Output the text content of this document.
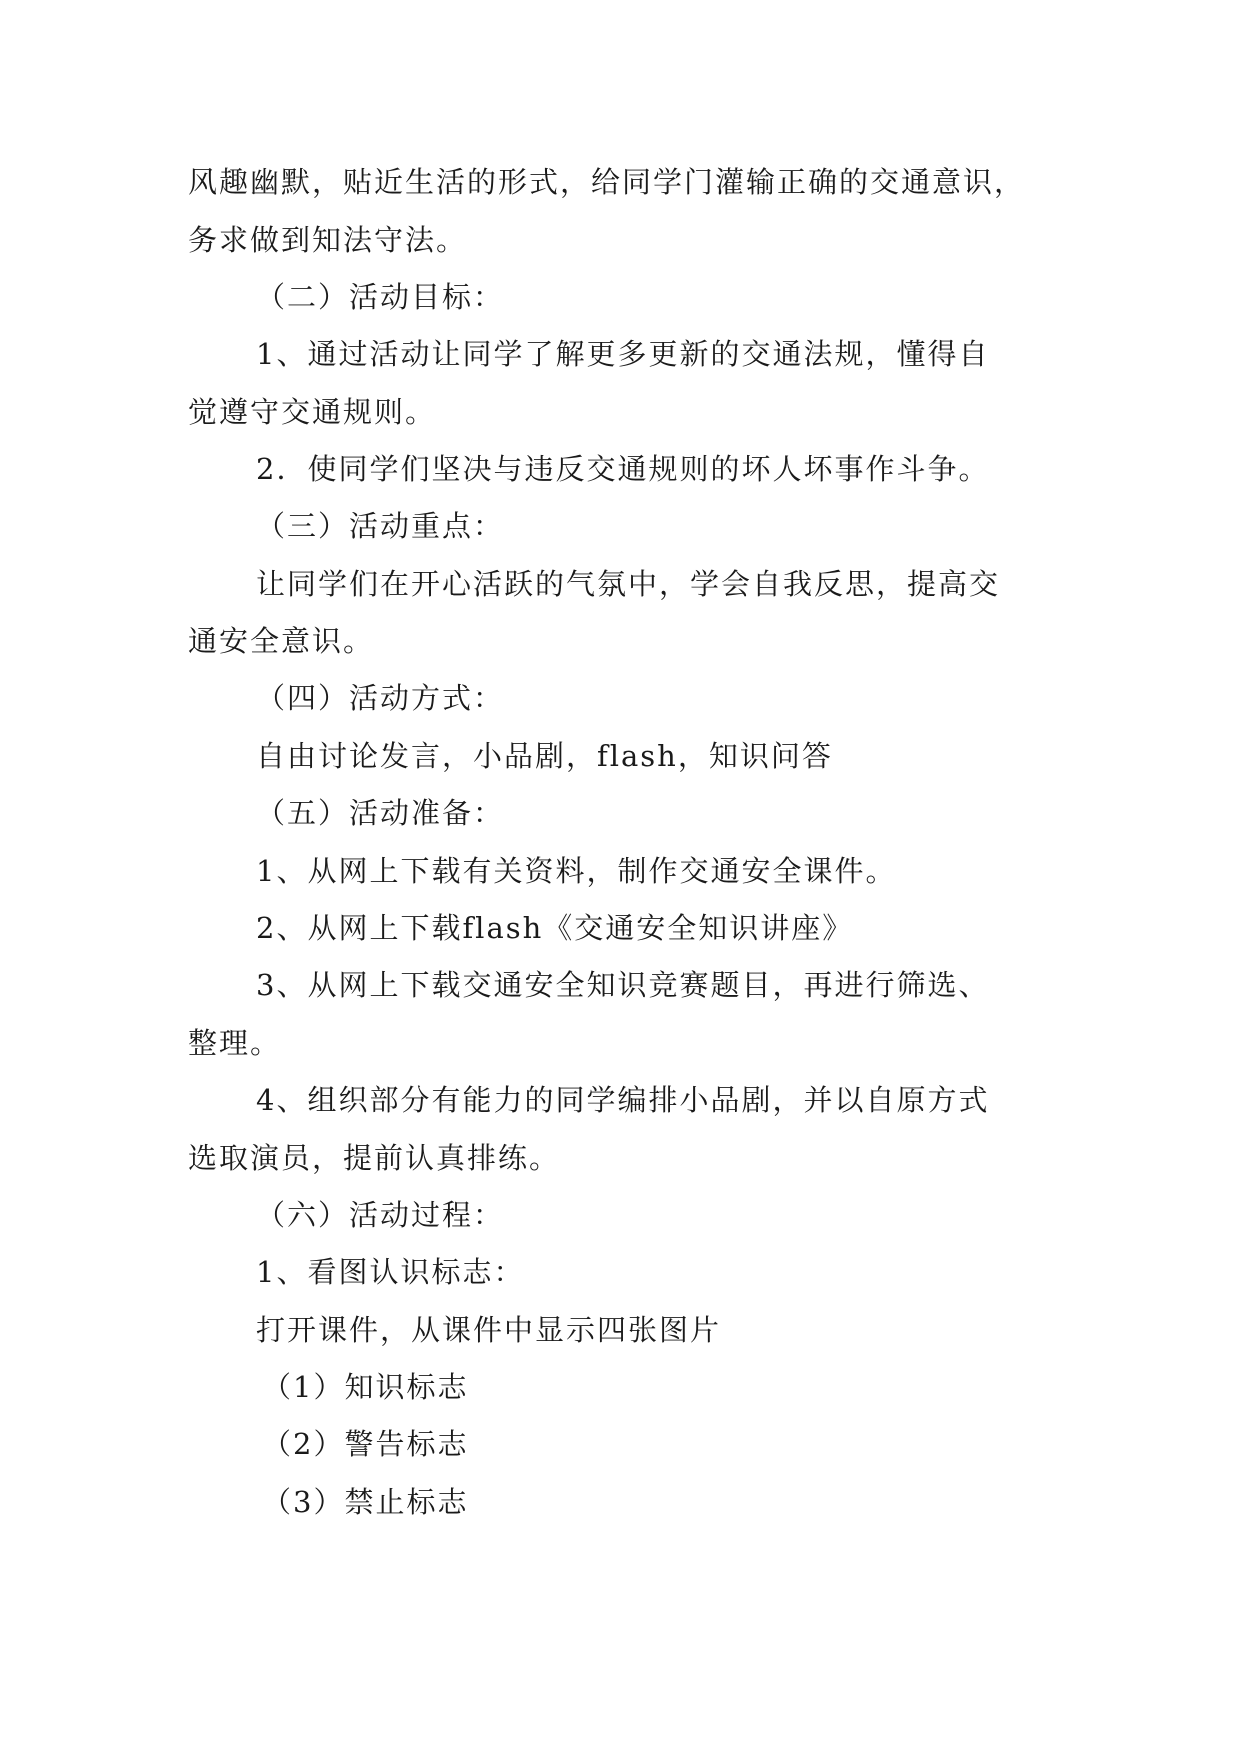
风趣幽默，贴近生活的形式，给同学门灌输正确的交通意识，
务求做到知法守法。
（二）活动目标：
1、通过活动让同学了解更多更新的交通法规，懂得自
觉遵守交通规则。
2．使同学们坚决与违反交通规则的坏人坏事作斗争。
（三）活动重点：
让同学们在开心活跃的气氛中，学会自我反思，提高交
通安全意识。
（四）活动方式：
自由讨论发言，小品剧，flash，知识问答
（五）活动准备：
1、从网上下载有关资料，制作交通安全课件。
2、从网上下载flash《交通安全知识讲座》
3、从网上下载交通安全知识竞赛题目，再进行筛选、
整理。
4、组织部分有能力的同学编排小品剧，并以自原方式
选取演员，提前认真排练。
（六）活动过程：
1、看图认识标志：
打开课件，从课件中显示四张图片
（1）知识标志
（2）警告标志
（3）禁止标志
